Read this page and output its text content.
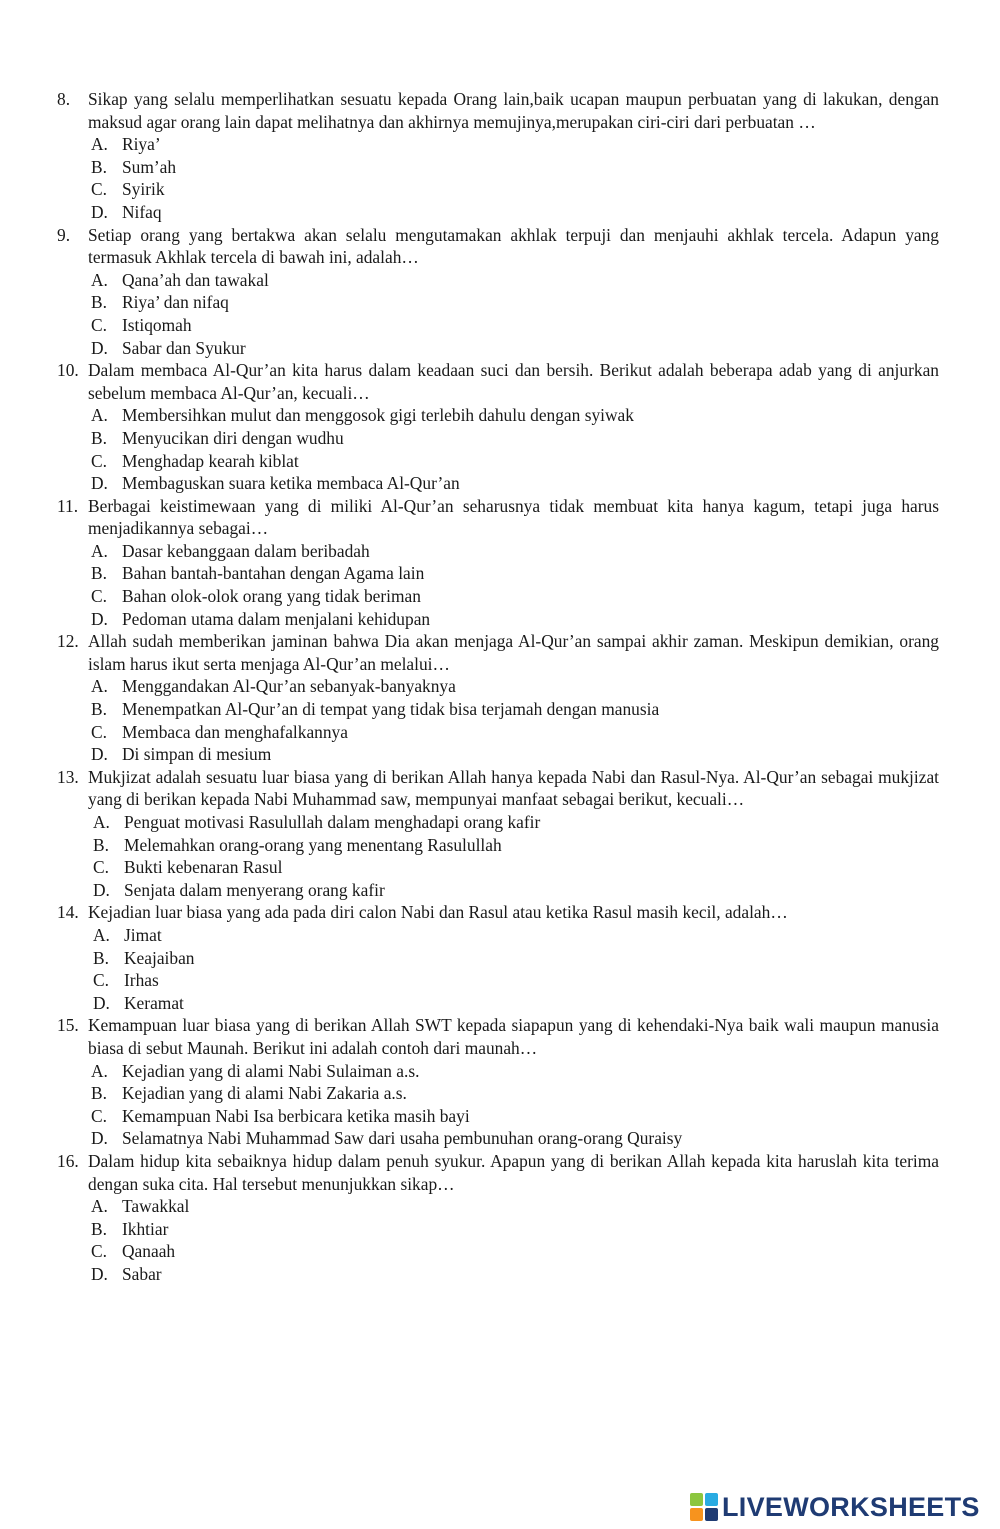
8.	Sikap yang selalu memperlihatkan sesuatu kepada Orang lain,baik ucapan maupun perbuatan yang di lakukan, dengan maksud agar orang lain dapat melihatnya dan akhirnya memujinya,merupakan ciri-ciri dari perbuatan …
A. Riya’
B. Sum’ah
C. Syirik
D. Nifaq
9.	Setiap orang yang bertakwa akan selalu mengutamakan akhlak terpuji dan menjauhi akhlak tercela. Adapun yang termasuk Akhlak tercela di bawah ini, adalah…
A. Qana’ah dan tawakal
B. Riya’ dan nifaq
C. Istiqomah
D. Sabar dan Syukur
10. Dalam membaca Al-Qur’an kita harus dalam keadaan suci dan bersih. Berikut adalah beberapa adab yang di anjurkan sebelum membaca Al-Qur’an, kecuali…
A. Membersihkan mulut dan menggosok gigi terlebih dahulu dengan syiwak
B. Menyucikan diri dengan wudhu
C. Menghadap kearah kiblat
D. Membaguskan suara ketika membaca Al-Qur’an
11. Berbagai keistimewaan yang di miliki Al-Qur’an seharusnya tidak membuat kita hanya kagum, tetapi juga harus menjadikannya sebagai…
A. Dasar kebanggaan dalam beribadah
B. Bahan bantah-bantahan dengan Agama lain
C. Bahan olok-olok orang yang tidak beriman
D. Pedoman utama dalam menjalani kehidupan
12. Allah sudah memberikan jaminan bahwa Dia akan menjaga Al-Qur’an sampai akhir zaman. Meskipun demikian, orang islam harus ikut serta menjaga Al-Qur’an melalui…
A. Menggandakan Al-Qur’an sebanyak-banyaknya
B. Menempatkan Al-Qur’an di tempat yang tidak bisa terjamah dengan manusia
C. Membaca dan menghafalkannya
D. Di simpan di mesium
13. Mukjizat adalah sesuatu luar biasa yang di berikan Allah hanya kepada Nabi dan Rasul-Nya. Al-Qur’an sebagai mukjizat yang di berikan kepada Nabi Muhammad saw, mempunyai manfaat sebagai berikut, kecuali…
A. Penguat motivasi Rasulullah dalam menghadapi orang kafir
B. Melemahkan orang-orang yang menentang Rasulullah
C. Bukti kebenaran Rasul
D. Senjata dalam menyerang orang kafir
14. Kejadian luar biasa yang ada pada diri calon Nabi dan Rasul atau ketika Rasul masih kecil, adalah…
A. Jimat
B. Keajaiban
C. Irhas
D. Keramat
15. Kemampuan luar biasa yang di berikan Allah SWT kepada siapapun yang di kehendaki-Nya baik wali maupun manusia biasa di sebut Maunah. Berikut ini adalah contoh dari maunah…
A. Kejadian yang di alami Nabi Sulaiman a.s.
B. Kejadian yang di alami Nabi Zakaria a.s.
C. Kemampuan Nabi Isa berbicara ketika masih bayi
D. Selamatnya Nabi Muhammad Saw dari usaha pembunuhan orang-orang Quraisy
16. Dalam hidup kita sebaiknya hidup dalam penuh syukur. Apapun yang di berikan Allah kepada kita haruslah kita terima dengan suka cita. Hal tersebut menunjukkan sikap…
A. Tawakkal
B. Ikhtiar
C. Qanaah
D. Sabar
LIVEWORKSHEETS
